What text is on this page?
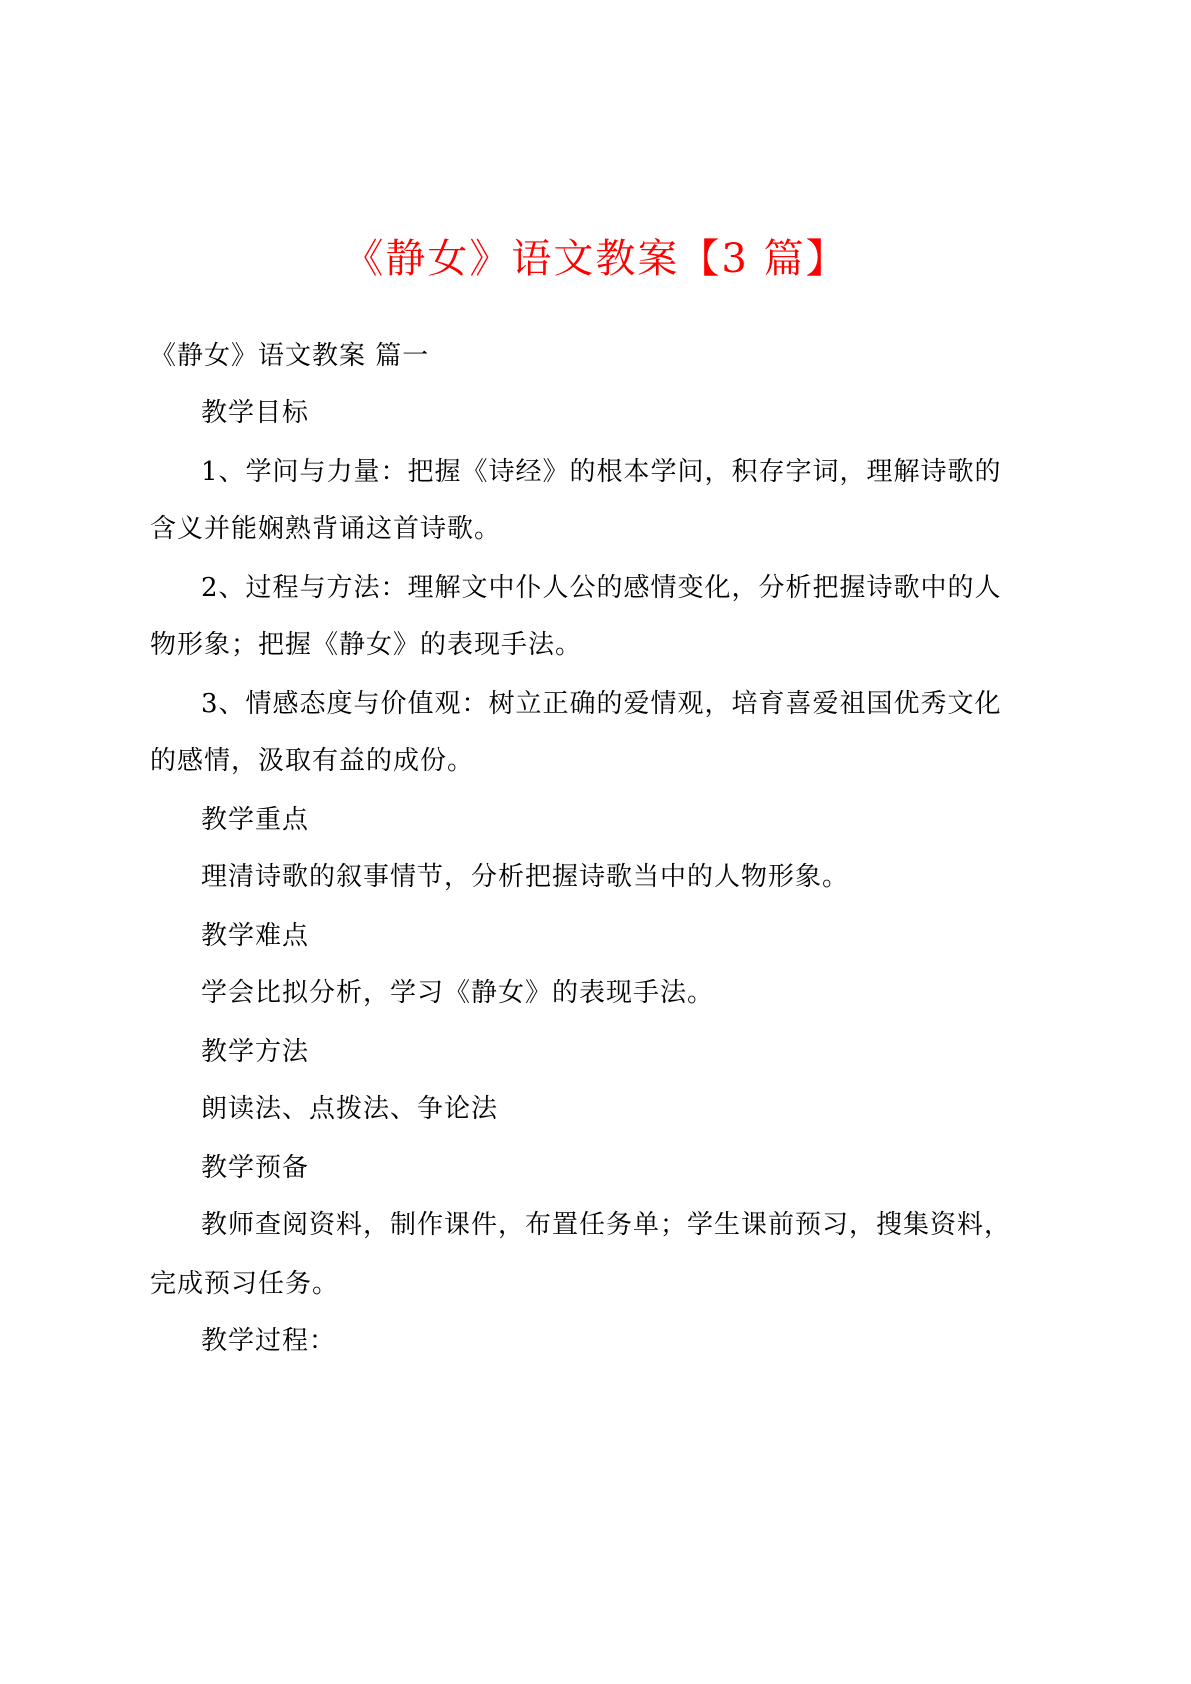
《静女》语文教案【3 篇】
《静女》语文教案 篇一
教学目标
1、学问与力量：把握《诗经》的根本学问，积存字词，理解诗歌的
含义并能娴熟背诵这首诗歌。
2、过程与方法：理解文中仆人公的感情变化，分析把握诗歌中的人
物形象；把握《静女》的表现手法。
3、情感态度与价值观：树立正确的爱情观，培育喜爱祖国优秀文化
的感情，汲取有益的成份。
教学重点
理清诗歌的叙事情节，分析把握诗歌当中的人物形象。
教学难点
学会比拟分析，学习《静女》的表现手法。
教学方法
朗读法、点拨法、争论法
教学预备
教师查阅资料，制作课件，布置任务单；学生课前预习，搜集资料，
完成预习任务。
教学过程：
